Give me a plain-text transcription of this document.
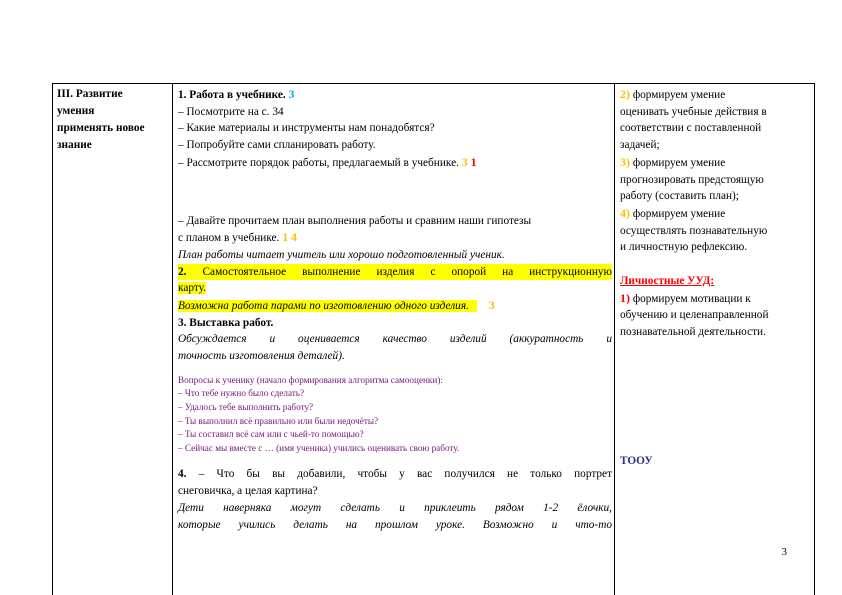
III. Развитие
умения
применять новое
знание
1. Работа в учебнике. 3
– Посмотрите на с. 34
– Какие материалы и инструменты нам понадобятся?
– Попробуйте сами спланировать работу.
– Рассмотрите порядок работы, предлагаемый в учебнике. 3 1
– Давайте прочитаем план выполнения работы и сравним наши гипотезы
с планом в учебнике. 1 4
План работы читает учитель или хорошо подготовленный ученик.
2. Самостоятельное выполнение изделия с опорой на инструкционную
карту.
Возможна работа парами по изготовлению одного изделия. 3
3. Выставка работ.
Обсуждается и оценивается качество изделий (аккуратность и
точность изготовления деталей).
Вопросы к ученику (начало формирования алгоритма самооценки):
– Что тебе нужно было сделать?
– Удалось тебе выполнить работу?
– Ты выполнил всё правильно или были недочёты?
– Ты составил всё сам или с чьей-то помощью?
– Сейчас мы вместе с … (имя ученика) учились оценивать свою работу.
4. – Что бы вы добавили, чтобы у вас получился не только портрет
снеговичка, а целая картина?
Дети наверняка могут сделать и приклеить рядом 1-2 ёлочки,
которые учились делать на прошлом уроке. Возможно и что-то
2) формируем умение
оценивать учебные действия в
соответствии с поставленной
задачей;
3) формируем умение
прогнозировать предстоящую
работу (составить план);
4) формируем умение
осуществлять познавательную
и личностную рефлексию.
Личностные УУД:
1) формируем мотивации к
обучению и целенаправленной
познавательной деятельности.
ТООУ
3
